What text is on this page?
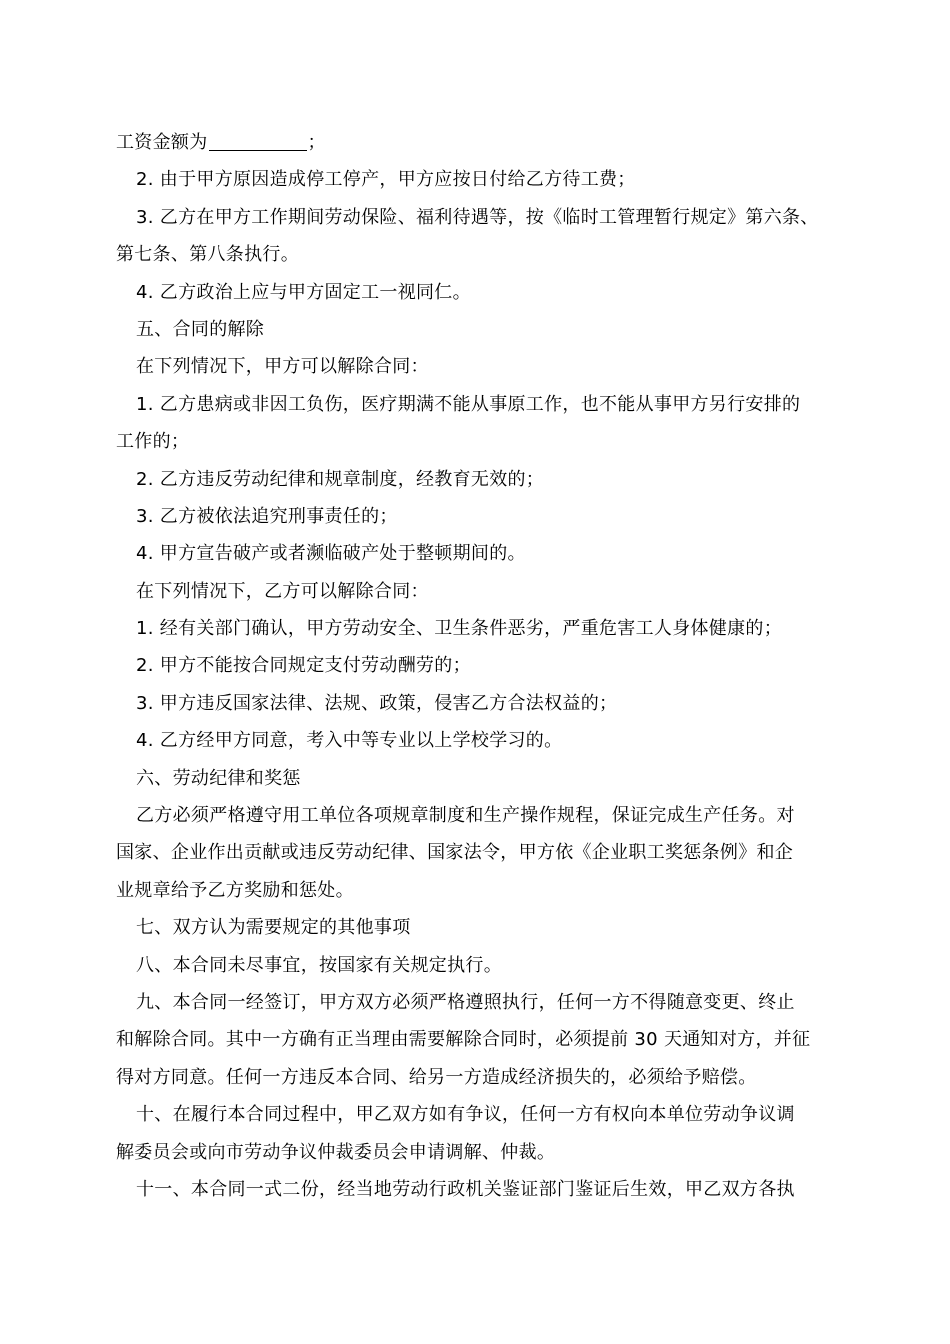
工资金额为	；
2. 由于甲方原因造成停工停产，甲方应按日付给乙方待工费；
3. 乙方在甲方工作期间劳动保险、福利待遇等，按《临时工管理暂行规定》第六条、
第七条、第八条执行。
4. 乙方政治上应与甲方固定工一视同仁。
五、合同的解除
在下列情况下，甲方可以解除合同：
1. 乙方患病或非因工负伤，医疗期满不能从事原工作，也不能从事甲方另行安排的
工作的；
2. 乙方违反劳动纪律和规章制度，经教育无效的；
3. 乙方被依法追究刑事责任的；
4. 甲方宣告破产或者濒临破产处于整顿期间的。
在下列情况下，乙方可以解除合同：
1. 经有关部门确认，甲方劳动安全、卫生条件恶劣，严重危害工人身体健康的；
2. 甲方不能按合同规定支付劳动酬劳的；
3. 甲方违反国家法律、法规、政策，侵害乙方合法权益的；
4. 乙方经甲方同意，考入中等专业以上学校学习的。
六、劳动纪律和奖惩
乙方必须严格遵守用工单位各项规章制度和生产操作规程，保证完成生产任务。对
国家、企业作出贡献或违反劳动纪律、国家法令，甲方依《企业职工奖惩条例》和企
业规章给予乙方奖励和惩处。
七、双方认为需要规定的其他事项
八、本合同未尽事宜，按国家有关规定执行。
九、本合同一经签订，甲方双方必须严格遵照执行，任何一方不得随意变更、终止
和解除合同。其中一方确有正当理由需要解除合同时，必须提前 30 天通知对方，并征
得对方同意。任何一方违反本合同、给另一方造成经济损失的，必须给予赔偿。
十、在履行本合同过程中，甲乙双方如有争议，任何一方有权向本单位劳动争议调
解委员会或向市劳动争议仲裁委员会申请调解、仲裁。
十一、本合同一式二份，经当地劳动行政机关鉴证部门鉴证后生效，甲乙双方各执
